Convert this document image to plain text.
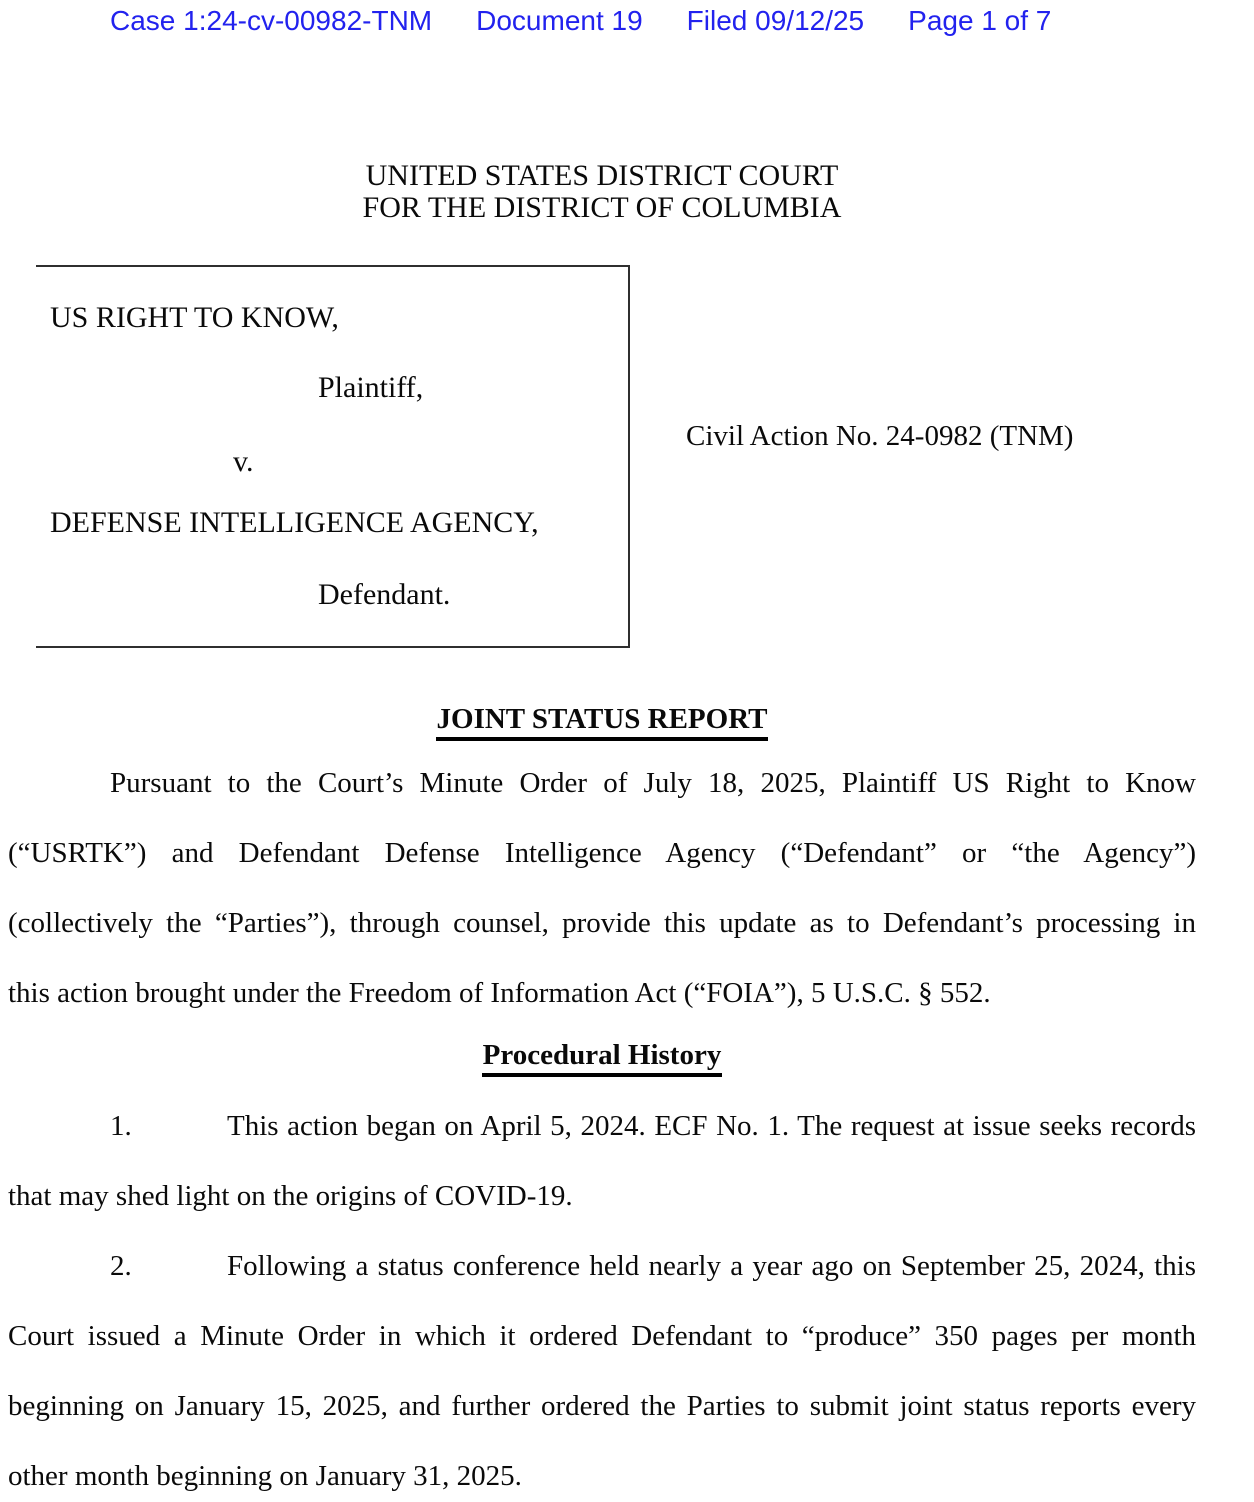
Case 1:24-cv-00982-TNM Document 19 Filed 09/12/25 Page 1 of 7
UNITED STATES DISTRICT COURT
FOR THE DISTRICT OF COLUMBIA
US RIGHT TO KNOW,
Plaintiff,
v.
DEFENSE INTELLIGENCE AGENCY,
Defendant.
Civil Action No. 24-0982 (TNM)
JOINT STATUS REPORT
Pursuant to the Court’s Minute Order of July 18, 2025, Plaintiff US Right to Know
(“USRTK”) and Defendant Defense Intelligence Agency (“Defendant” or “the Agency”)
(collectively the “Parties”), through counsel, provide this update as to Defendant’s processing in
this action brought under the Freedom of Information Act (“FOIA”), 5 U.S.C. § 552.
Procedural History
1.	This action began on April 5, 2024. ECF No. 1. The request at issue seeks records
that may shed light on the origins of COVID-19.
2.	Following a status conference held nearly a year ago on September 25, 2024, this
Court issued a Minute Order in which it ordered Defendant to “produce” 350 pages per month
beginning on January 15, 2025, and further ordered the Parties to submit joint status reports every
other month beginning on January 31, 2025.
